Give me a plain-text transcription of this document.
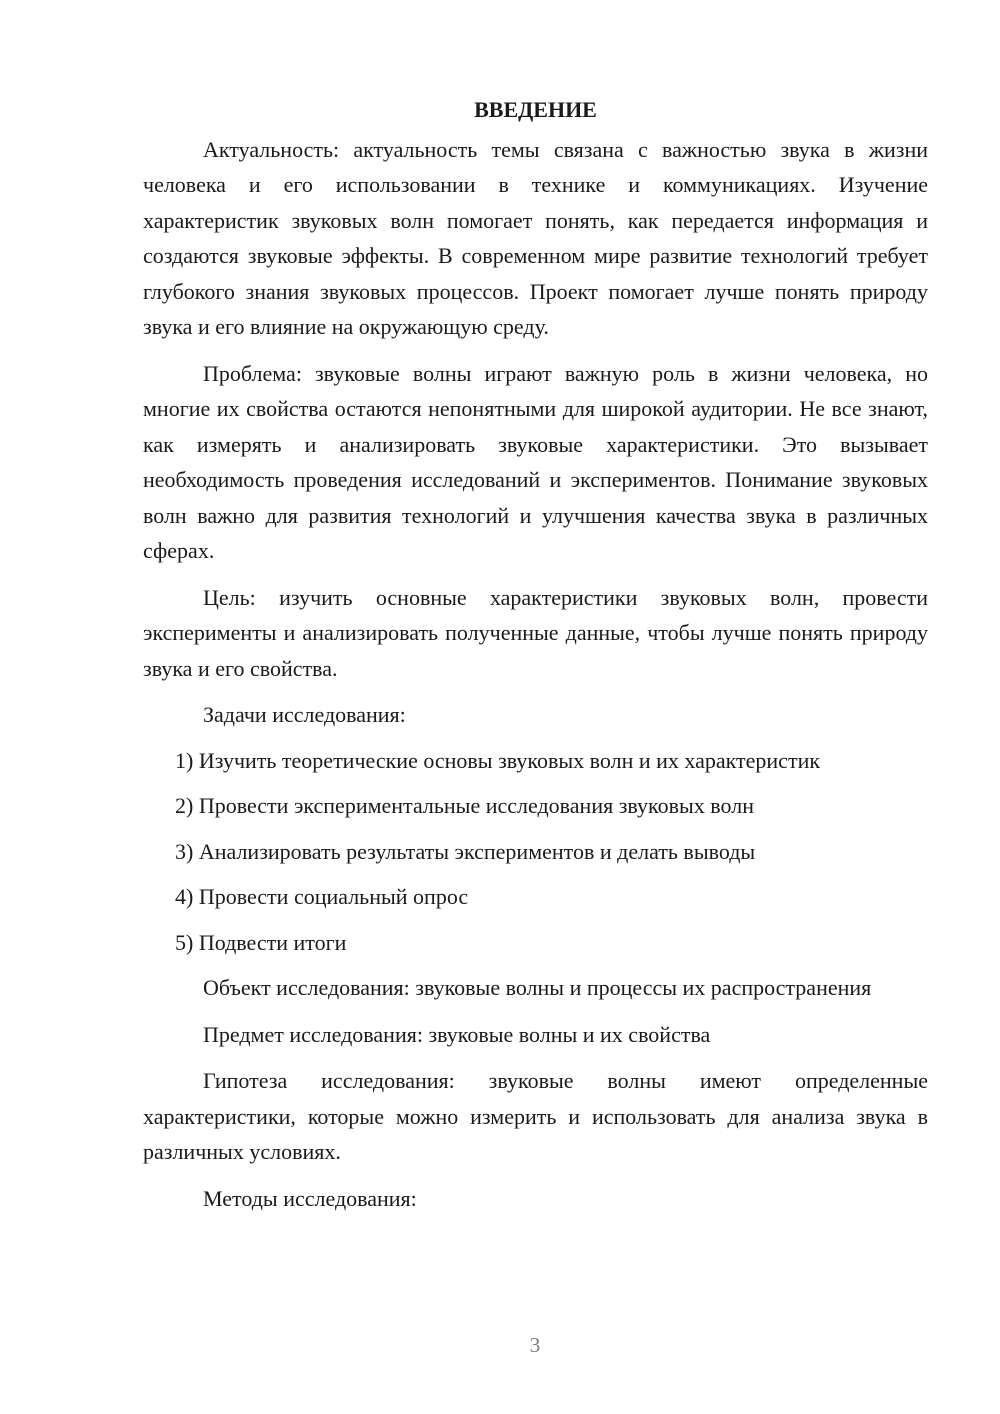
ВВЕДЕНИЕ

Актуальность: актуальность темы связана с важностью звука в жизни человека и его использовании в технике и коммуникациях. Изучение характеристик звуковых волн помогает понять, как передается информация и создаются звуковые эффекты. В современном мире развитие технологий требует глубокого знания звуковых процессов. Проект помогает лучше понять природу звука и его влияние на окружающую среду.

Проблема: звуковые волны играют важную роль в жизни человека, но многие их свойства остаются непонятными для широкой аудитории. Не все знают, как измерять и анализировать звуковые характеристики. Это вызывает необходимость проведения исследований и экспериментов. Понимание звуковых волн важно для развития технологий и улучшения качества звука в различных сферах.

Цель: изучить основные характеристики звуковых волн, провести эксперименты и анализировать полученные данные, чтобы лучше понять природу звука и его свойства.

Задачи исследования:

1) Изучить теоретические основы звуковых волн и их характеристик
2) Провести экспериментальные исследования звуковых волн
3) Анализировать результаты экспериментов и делать выводы
4) Провести социальный опрос
5) Подвести итоги

Объект исследования: звуковые волны и процессы их распространения

Предмет исследования: звуковые волны и их свойства

Гипотеза исследования: звуковые волны имеют определенные характеристики, которые можно измерить и использовать для анализа звука в различных условиях.

Методы исследования:

3
